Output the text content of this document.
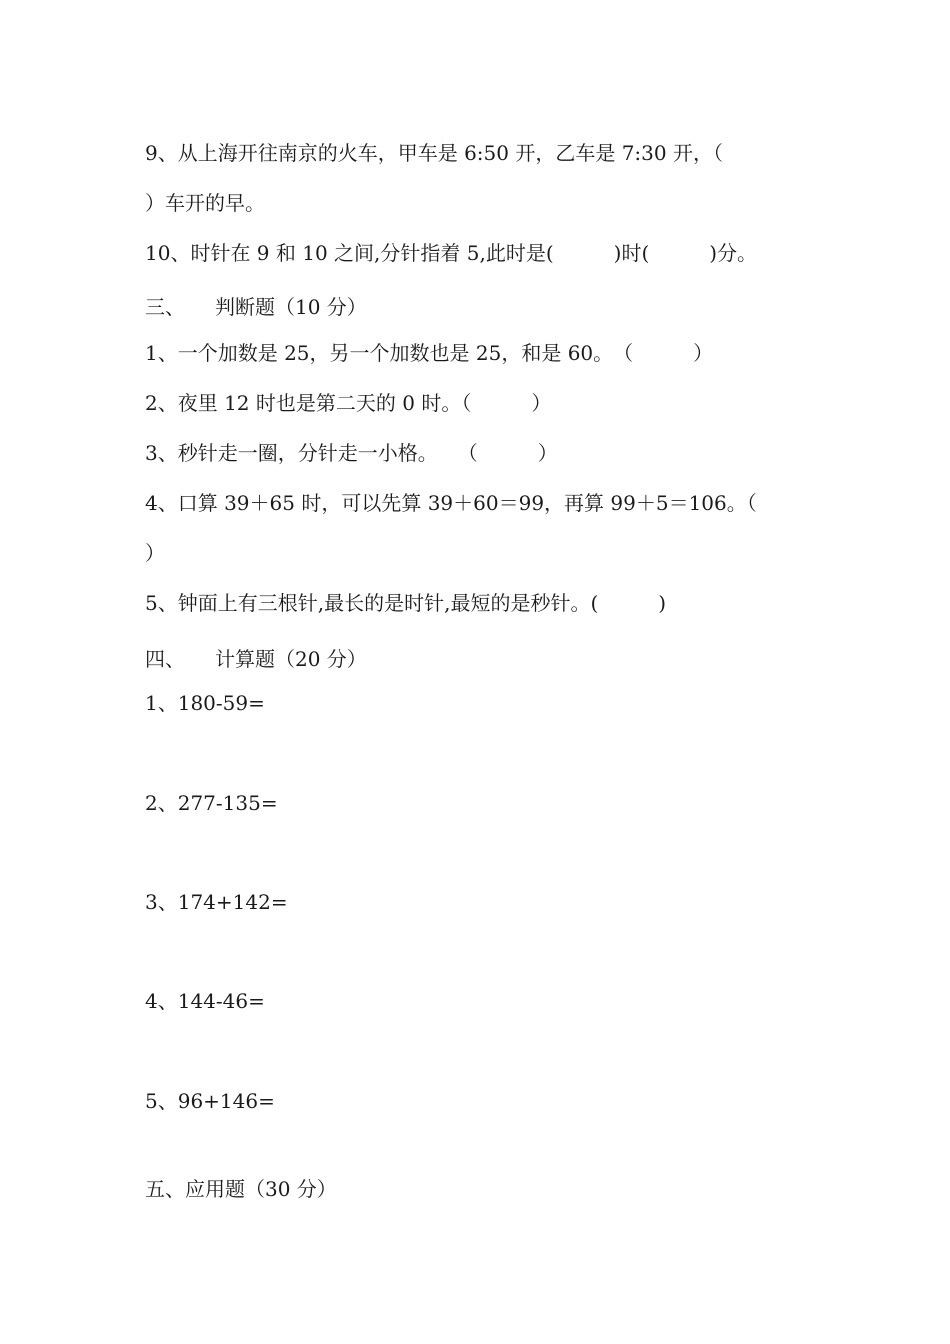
9、从上海开往南京的火车，甲车是 6:50 开，乙车是 7:30 开，（
）车开的早。
10、时针在 9 和 10 之间,分针指着 5,此时是(　　　)时(　　　)分。
三、　　判断题（10 分）
1、一个加数是 25，另一个加数也是 25，和是 60。　（　　　）
2、夜里 12 时也是第二天的 0 时。（　　　）
3、秒针走一圈，分针走一小格。　　（　　　）
4、口算 39＋65 时，可以先算 39＋60＝99，再算 99＋5＝106。（
）
5、钟面上有三根针,最长的是时针,最短的是秒针。(　　　)
四、　　计算题（20 分）
1、180-59=
2、277-135=
3、174+142=
4、144-46=
5、96+146=
五、应用题（30 分）
